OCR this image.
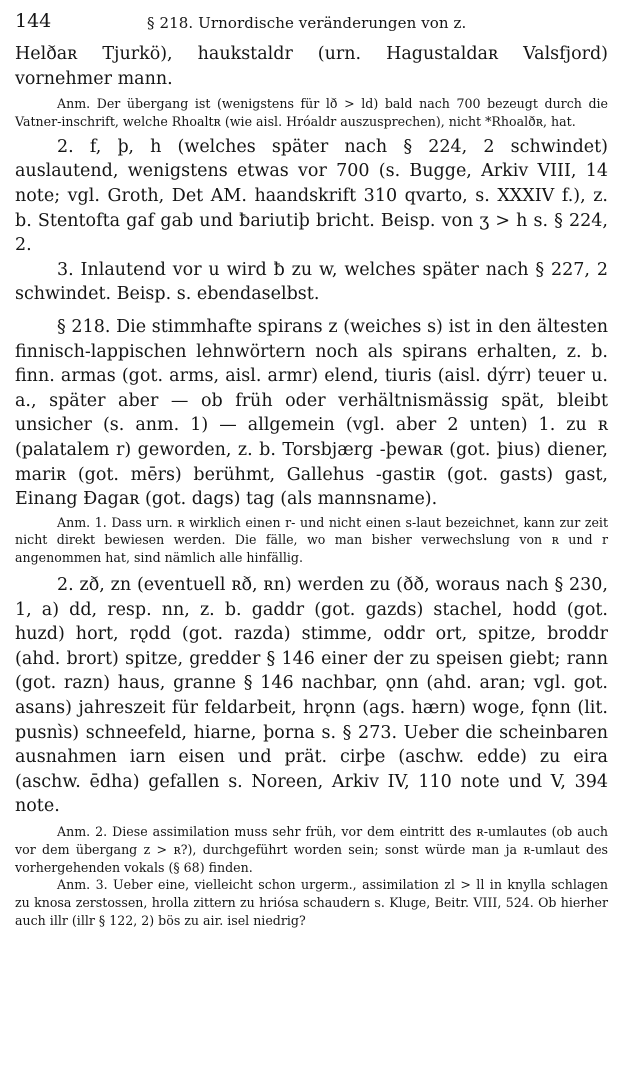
144	§ 218. Urnordische veränderungen von z.

Helðaʀ Tjurkö), haukstaldr (urn. Hagustaldaʀ Valsfjord) vornehmer mann.

Anm. Der übergang ist (wenigstens für lð > ld) bald nach 700 bezeugt durch die Vatner-inschrift, welche Rhoaltʀ (wie aisl. Hróaldr auszusprechen), nicht *Rhoalðʀ, hat.

2. f, þ, h (welches später nach § 224, 2 schwindet) auslautend, wenigstens etwas vor 700 (s. Bugge, Arkiv VIII, 14 note; vgl. Groth, Det AM. haandskrift 310 qvarto, s. XXXIV f.), z. b. Stentofta gaf gab und ƀariutiþ bricht. Beisp. von ʒ > h s. § 224, 2.

3. Inlautend vor u wird ƀ zu w, welches später nach § 227, 2 schwindet. Beisp. s. ebendaselbst.

§ 218. Die stimmhafte spirans z (weiches s) ist in den ältesten finnisch-lappischen lehnwörtern noch als spirans erhalten, z. b. finn. armas (got. arms, aisl. armr) elend, tiuris (aisl. dýrr) teuer u. a., später aber — ob früh oder verhältnismässig spät, bleibt unsicher (s. anm. 1) — allgemein (vgl. aber 2 unten) 1. zu ʀ (palatalem r) geworden, z. b. Torsbjærg -þewaʀ (got. þius) diener, mariʀ (got. mērs) berühmt, Gallehus -gastiʀ (got. gasts) gast, Einang Ðagaʀ (got. dags) tag (als mannsname).

Anm. 1. Dass urn. ʀ wirklich einen r- und nicht einen s-laut bezeichnet, kann zur zeit nicht direkt bewiesen werden. Die fälle, wo man bisher verwechslung von ʀ und r angenommen hat, sind nämlich alle hinfällig.

2. zð, zn (eventuell ʀð, ʀn) werden zu (ðð, woraus nach § 230, 1, a) dd, resp. nn, z. b. gaddr (got. gazds) stachel, hodd (got. huzd) hort, rǫdd (got. razda) stimme, oddr ort, spitze, broddr (ahd. brort) spitze, gredder § 146 einer der zu speisen giebt; rann (got. razn) haus, granne § 146 nachbar, ǫnn (ahd. aran; vgl. got. asans) jahreszeit für feldarbeit, hrǫnn (ags. hærn) woge, fǫnn (lit. pusnìs) schneefeld, hiarne, þorna s. § 273. Ueber die scheinbaren ausnahmen iarn eisen und prät. cirþe (aschw. edde) zu eira (aschw. ēdha) gefallen s. Noreen, Arkiv IV, 110 note und V, 394 note.

Anm. 2. Diese assimilation muss sehr früh, vor dem eintritt des ʀ-umlautes (ob auch vor dem übergang z > ʀ?), durchgeführt worden sein; sonst würde man ja ʀ-umlaut des vorhergehenden vokals (§ 68) finden.

Anm. 3. Ueber eine, vielleicht schon urgerm., assimilation zl > ll in knylla schlagen zu knosa zerstossen, hrolla zittern zu hriósa schaudern s. Kluge, Beitr. VIII, 524. Ob hierher auch illr (illr § 122, 2) bös zu air. isel niedrig?
